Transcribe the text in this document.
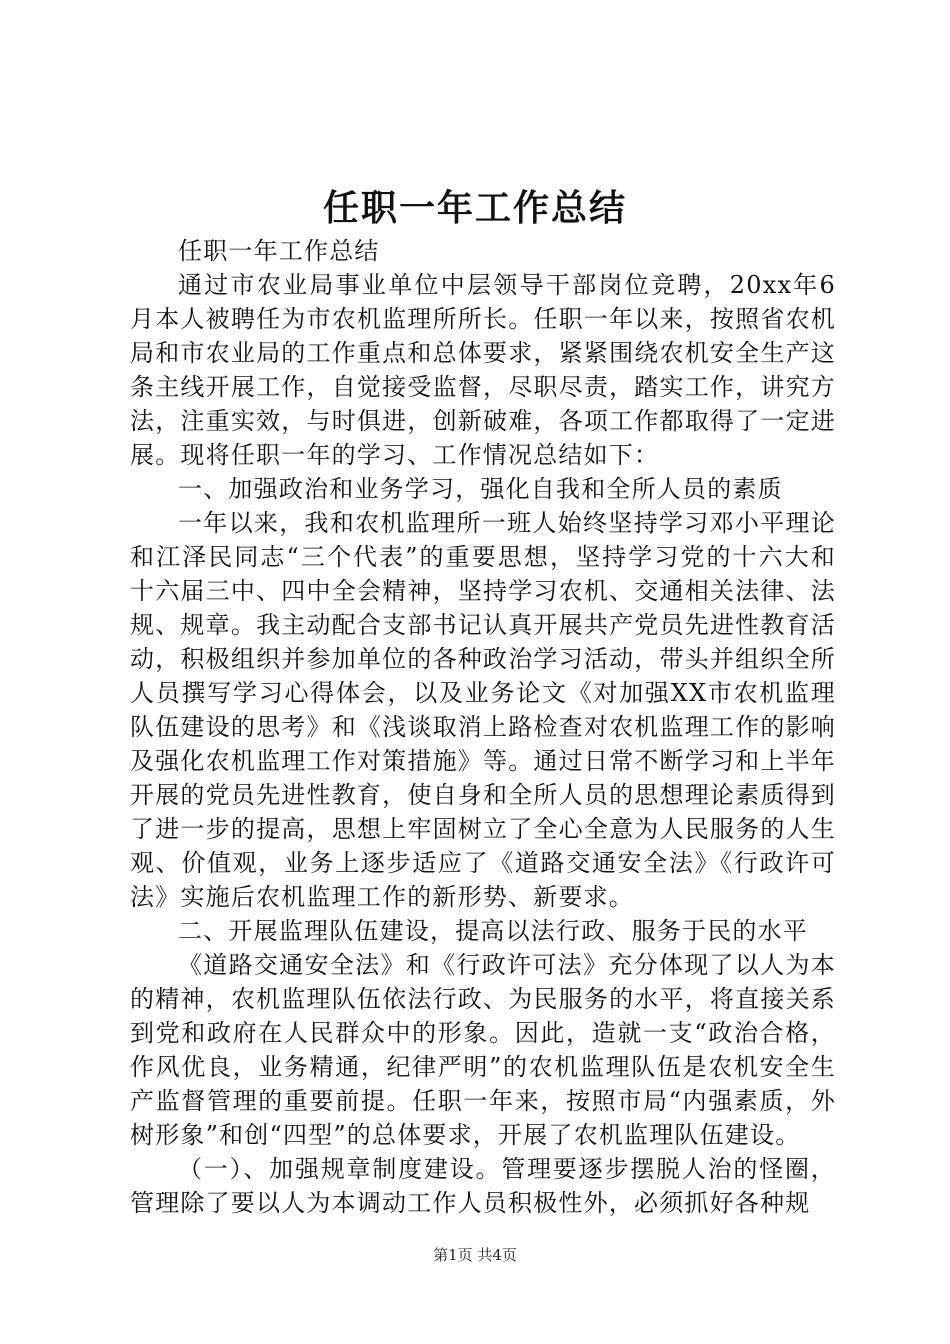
任职一年工作总结

任职一年工作总结

通过市农业局事业单位中层领导干部岗位竞聘，20xx年6月本人被聘任为市农机监理所所长。任职一年以来，按照省农机局和市农业局的工作重点和总体要求，紧紧围绕农机安全生产这条主线开展工作，自觉接受监督，尽职尽责，踏实工作，讲究方法，注重实效，与时俱进，创新破难，各项工作都取得了一定进展。现将任职一年的学习、工作情况总结如下：

一、加强政治和业务学习，强化自我和全所人员的素质

一年以来，我和农机监理所一班人始终坚持学习邓小平理论和江泽民同志“三个代表”的重要思想，坚持学习党的十六大和十六届三中、四中全会精神，坚持学习农机、交通相关法律、法规、规章。我主动配合支部书记认真开展共产党员先进性教育活动，积极组织并参加单位的各种政治学习活动，带头并组织全所人员撰写学习心得体会，以及业务论文《对加强XX市农机监理队伍建设的思考》和《浅谈取消上路检查对农机监理工作的影响及强化农机监理工作对策措施》等。通过日常不断学习和上半年开展的党员先进性教育，使自身和全所人员的思想理论素质得到了进一步的提高，思想上牢固树立了全心全意为人民服务的人生观、价值观，业务上逐步适应了《道路交通安全法》《行政许可法》实施后农机监理工作的新形势、新要求。

二、开展监理队伍建设，提高以法行政、服务于民的水平

《道路交通安全法》和《行政许可法》充分体现了以人为本的精神，农机监理队伍依法行政、为民服务的水平，将直接关系到党和政府在人民群众中的形象。因此，造就一支“政治合格，作风优良，业务精通，纪律严明”的农机监理队伍是农机安全生产监督管理的重要前提。任职一年来，按照市局“内强素质，外树形象”和创“四型”的总体要求，开展了农机监理队伍建设。

（一）、加强规章制度建设。管理要逐步摆脱人治的怪圈，管理除了要以人为本调动工作人员积极性外，必须抓好各种规

第1页 共4页
